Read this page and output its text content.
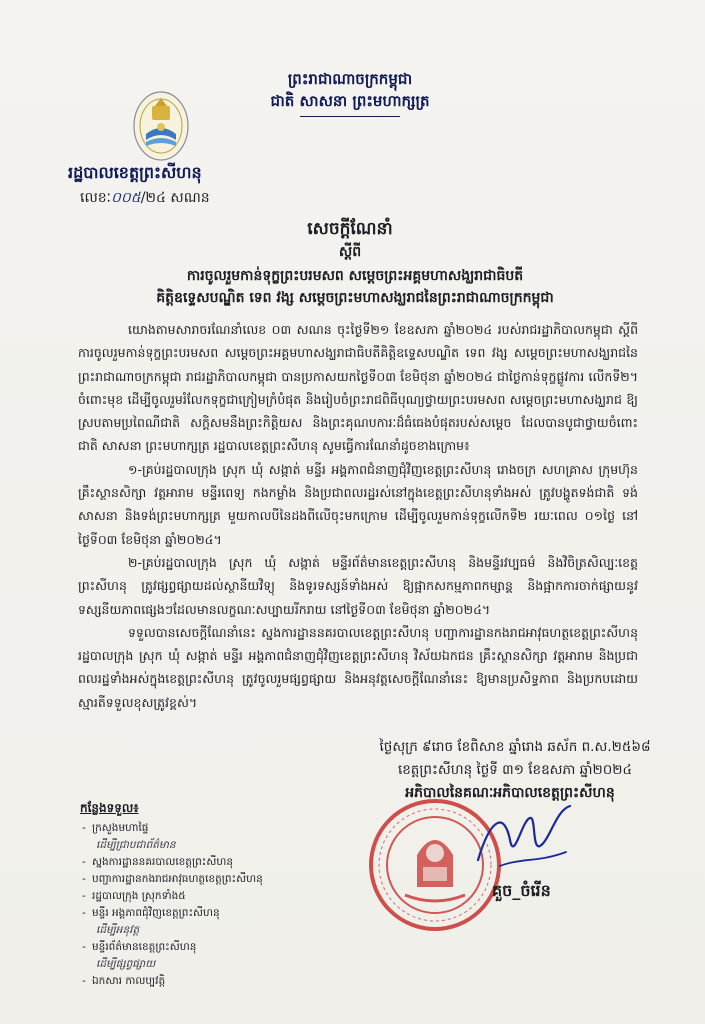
ព្រះរាជាណាចក្រកម្ពុជា
ជាតិ សាសនា ព្រះមហាក្សត្រ
រដ្ឋបាលខេត្តព្រះសីហនុ
លេខៈ០០៥/២៤ សណន
សេចក្ដីណែនាំ
ស្ដីពី
ការចូលរួមកាន់ទុក្ខព្រះបរមសព សម្ដេចព្រះអគ្គមហាសង្ឃរាជាធិបតី
គិត្តិឧទ្ទេសបណ្ឌិត ទេព វង្ស សម្ដេចព្រះមហាសង្ឃរាជនៃព្រះរាជាណាចក្រកម្ពុជា

យោងតាមសារាចរណែនាំលេខ ០៣ សណន ចុះថ្ងៃទី២១ ខែឧសភា ឆ្នាំ២០២៤ របស់រាជរដ្ឋាភិបាលកម្ពុជា ស្ដីពីការចូលរួមកាន់ទុក្ខព្រះបរមសព សម្ដេចព្រះអគ្គមហាសង្ឃរាជាធិបតីគិត្តិឧទ្ទេសបណ្ឌិត ទេព វង្ស សម្ដេចព្រះមហាសង្ឃរាជនៃព្រះរាជាណាចក្រកម្ពុជា រាជរដ្ឋាភិបាលកម្ពុជា បានប្រកាសយកថ្ងៃទី០៣ ខែមិថុនា ឆ្នាំ២០២៤ ជាថ្ងៃកាន់ទុក្ខផ្លូវការ លើកទី២។ ចំពោះមុខ ដើម្បីចូលរួមរំលែកទុក្ខជាក្រៀមក្រំបំផុត និងរៀបចំព្រះរាជពិធីបុណ្យថ្វាយព្រះបរមសព សម្ដេចព្រះមហាសង្ឃរាជ ឱ្យស្របតាមប្រពៃណីជាតិ សក្តិសមនឹងព្រះកិត្តិយស និងព្រះគុណបការៈដ៏ធំធេងបំផុតរបស់សម្ដេច ដែលបានបូជាថ្វាយចំពោះជាតិ សាសនា ព្រះមហាក្សត្រ រដ្ឋបាលខេត្តព្រះសីហនុ សូមធ្វើការណែនាំដូចខាងក្រោម៖

១-គ្រប់រដ្ឋបាលក្រុង ស្រុក ឃុំ សង្កាត់ មន្ទីរ អង្គភាពជំនាញជុំវិញខេត្តព្រះសីហនុ រោងចក្រ សហគ្រាស ក្រុមហ៊ុន គ្រឹះស្ថានសិក្សា វត្តអារាម មន្ទីរពេទ្យ កងកម្លាំង និងប្រជាពលរដ្ឋរស់នៅក្នុងខេត្តព្រះសីហនុទាំងអស់ ត្រូវបង្ហូតទង់ជាតិ ទង់សាសនា និងទង់ព្រះមហាក្សត្រ មួយកាលបីនៃដងពីលើចុះមកក្រោម ដើម្បីចូលរួមកាន់ទុក្ខលើកទី២ រយៈពេល ០១ថ្ងៃ នៅថ្ងៃទី០៣ ខែមិថុនា ឆ្នាំ២០២៤។

២-គ្រប់រដ្ឋបាលក្រុង ស្រុក ឃុំ សង្កាត់ មន្ទីរព័ត៌មានខេត្តព្រះសីហនុ និងមន្ទីរវប្បធម៌ និងវិចិត្រសិល្បៈខេត្តព្រះសីហនុ ត្រូវផ្សព្វផ្សាយដល់ស្ថានីយវិទ្យុ និងទូរទស្សន៍ទាំងអស់ ឱ្យផ្អាកសកម្មភាពកម្សាន្ត និងផ្អាកការចាក់ផ្សាយនូវទស្សនីយភាពផ្សេងៗដែលមានលក្ខណៈសប្បាយរីករាយ នៅថ្ងៃទី០៣ ខែមិថុនា ឆ្នាំ២០២៤។

ទទួលបានសេចក្ដីណែនាំនេះ ស្នងការដ្ឋាននគរបាលខេត្តព្រះសីហនុ បញ្ជាការដ្ឋានកងរាជអាវុធហត្ថខេត្តព្រះសីហនុ រដ្ឋបាលក្រុង ស្រុក ឃុំ សង្កាត់ មន្ទីរ អង្គភាពជំនាញជុំវិញខេត្តព្រះសីហនុ វិស័យឯកជន គ្រឹះស្ថានសិក្សា វត្តអារាម និងប្រជាពលរដ្ឋទាំងអស់ក្នុងខេត្តព្រះសីហនុ ត្រូវចូលរួមផ្សព្វផ្សាយ និងអនុវត្តសេចក្ដីណែនាំនេះ ឱ្យមានប្រសិទ្ធភាព និងប្រកបដោយស្មារតីទទួលខុសត្រូវខ្ពស់។

ថ្ងៃសុក្រ ៩រោច ខែពិសាខ ឆ្នាំរោង ឆស័ក ព.ស.២៥៦៨
ខេត្តព្រះសីហនុ ថ្ងៃទី ៣១ ខែឧសភា ឆ្នាំ២០២៤
អភិបាលនៃគណៈអភិបាលខេត្តព្រះសីហនុ
គួច_ចំរើន
កន្លែងទទួល៖
- ក្រសួងមហាផ្ទៃ
ដើម្បីជ្រាបជាព័ត៌មាន
- ស្នងការដ្ឋាននគរបាលខេត្តព្រះសីហនុ
- បញ្ជាការដ្ឋានកងរាជអាវុធហត្ថខេត្តព្រះសីហនុ
- រដ្ឋបាលក្រុង ស្រុកទាំង៥
- មន្ទីរ អង្គភាពជុំវិញខេត្តព្រះសីហនុ
ដើម្បីអនុវត្ត
- មន្ទីរព័ត៌មានខេត្តព្រះសីហនុ
ដើម្បីផ្សព្វផ្សាយ
- ឯកសារ កាលប្បវត្តិ
